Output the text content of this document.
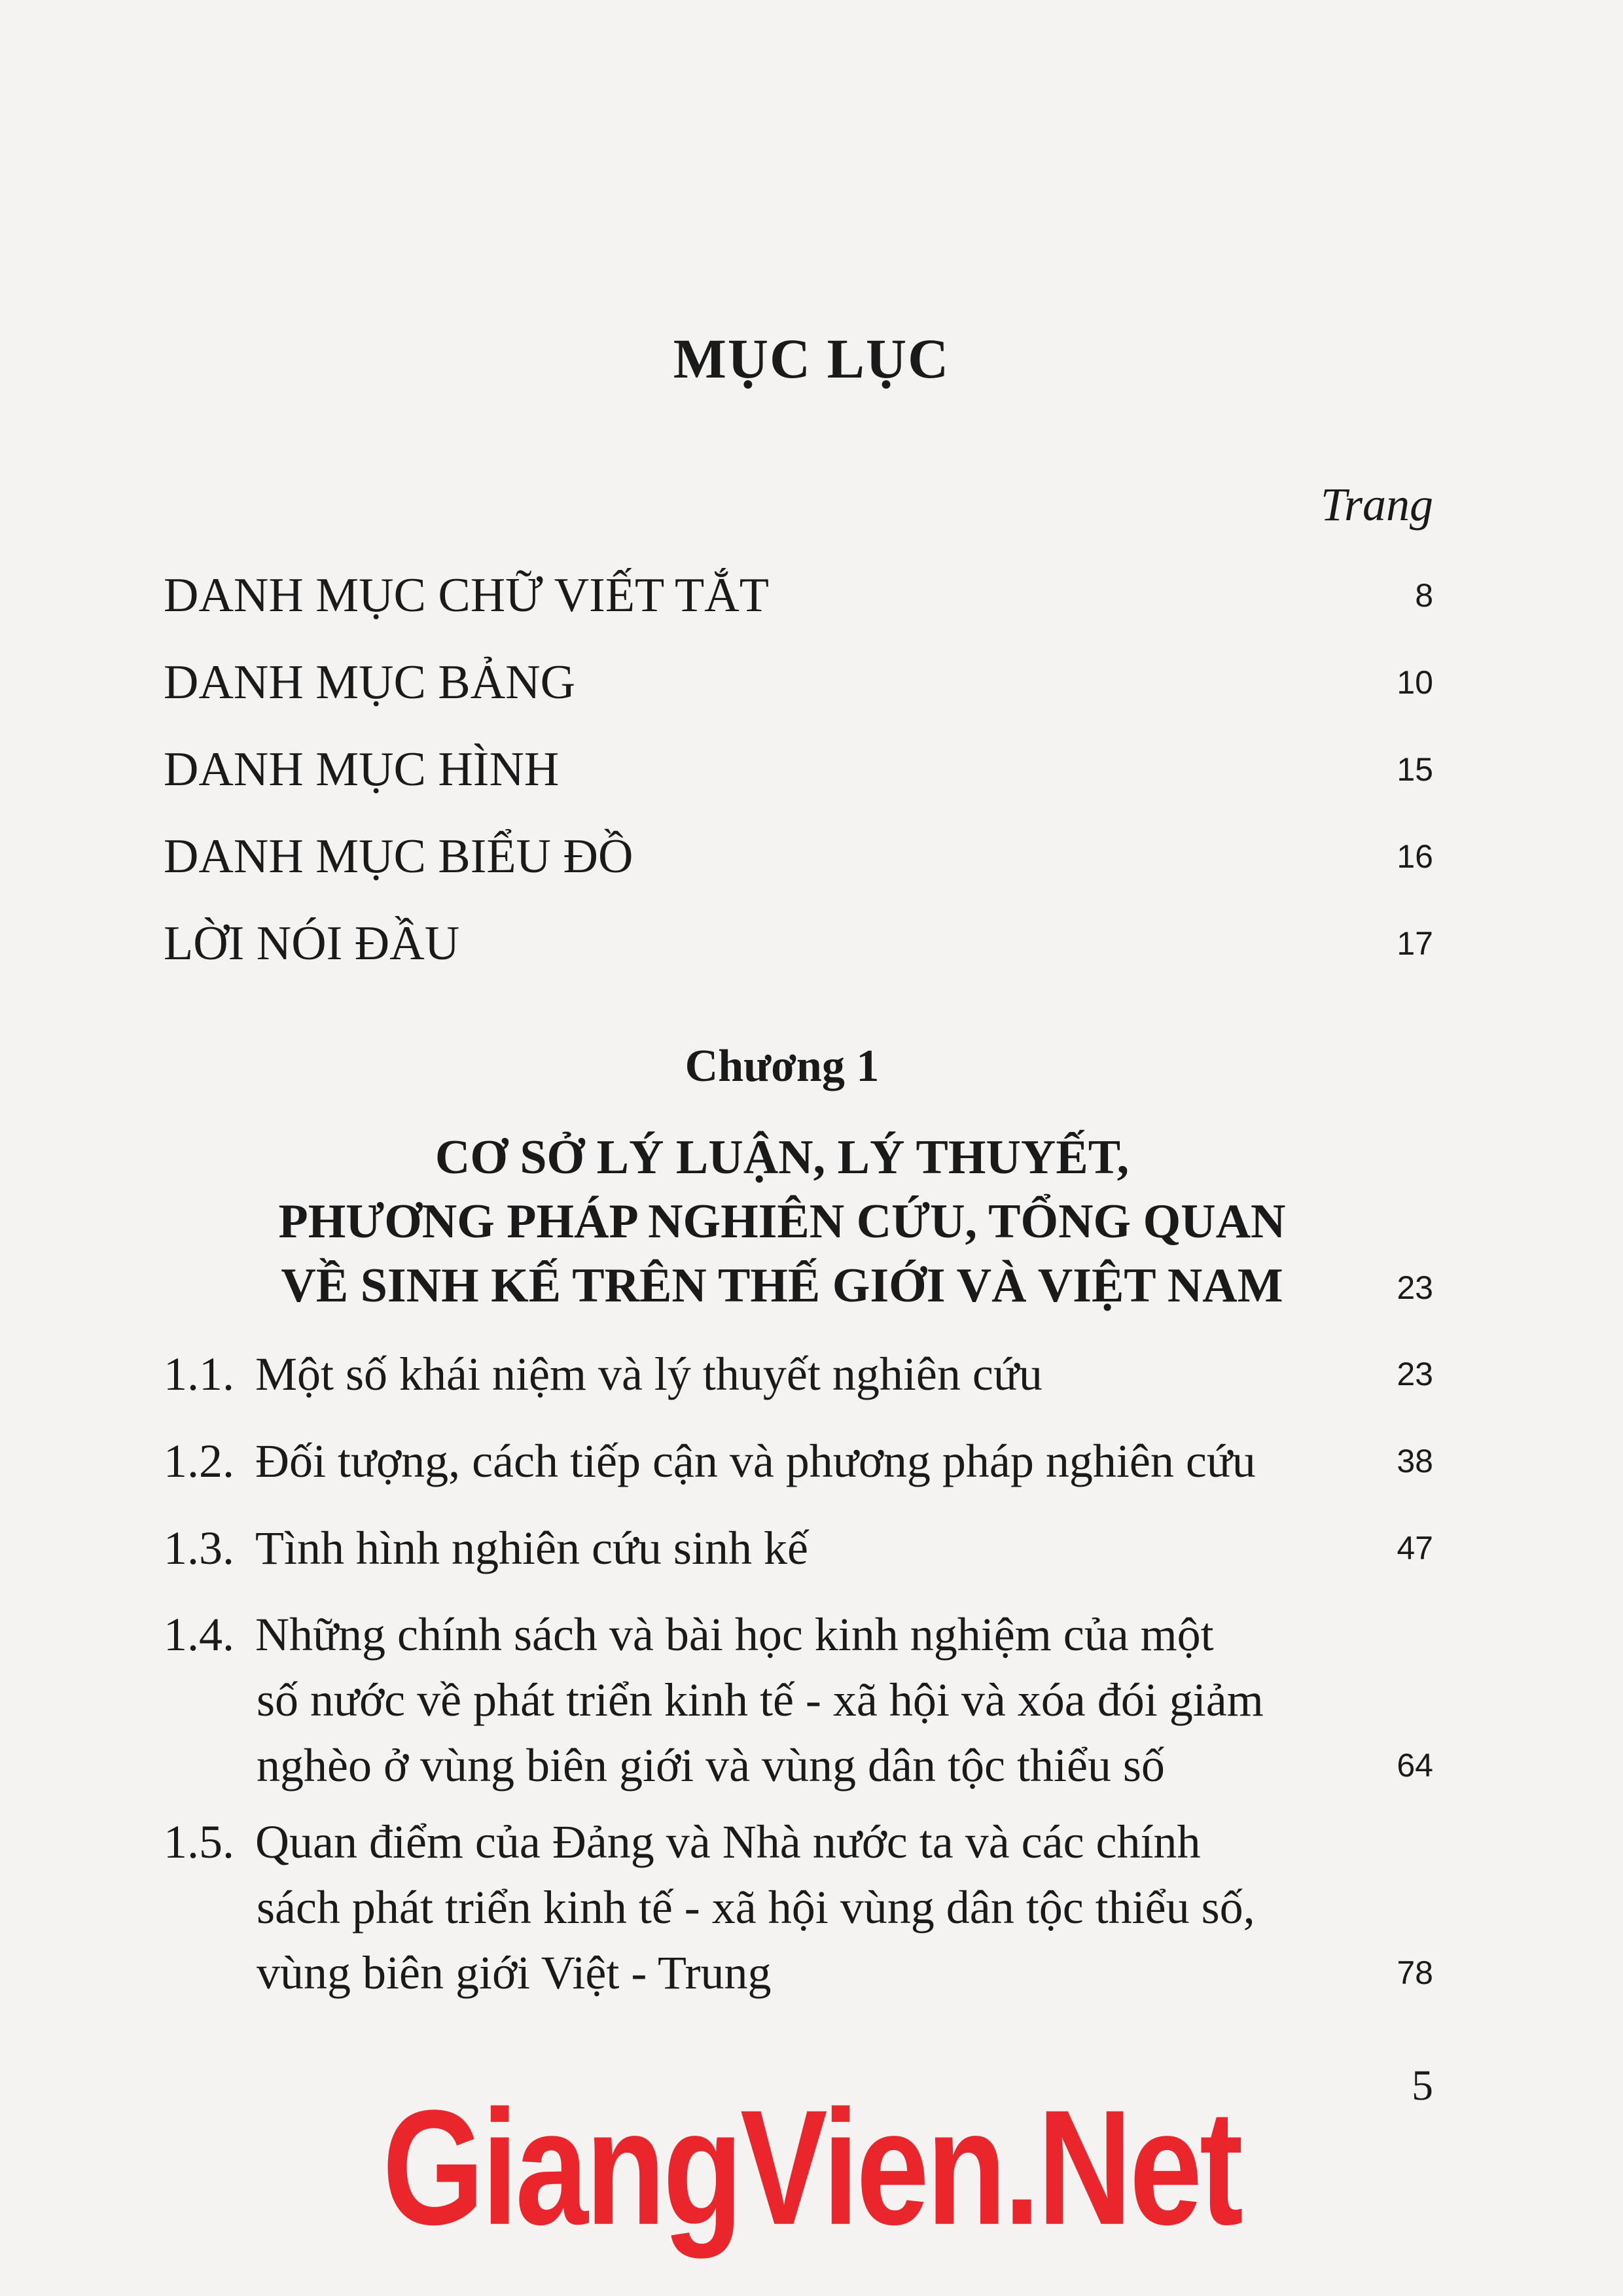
MỤC LỤC
Trang
DANH MỤC CHỮ VIẾT TẮT	8
DANH MỤC BẢNG	10
DANH MỤC HÌNH	15
DANH MỤC BIỂU ĐỒ	16
LỜI NÓI ĐẦU	17
Chương 1
CƠ SỞ LÝ LUẬN, LÝ THUYẾT,
PHƯƠNG PHÁP NGHIÊN CỨU, TỔNG QUAN
VỀ SINH KẾ TRÊN THẾ GIỚI VÀ VIỆT NAM	23
1.1. Một số khái niệm và lý thuyết nghiên cứu	23
1.2. Đối tượng, cách tiếp cận và phương pháp nghiên cứu	38
1.3. Tình hình nghiên cứu sinh kế	47
1.4. Những chính sách và bài học kinh nghiệm của một
số nước về phát triển kinh tế - xã hội và xóa đói giảm
nghèo ở vùng biên giới và vùng dân tộc thiểu số	64
1.5. Quan điểm của Đảng và Nhà nước ta và các chính
sách phát triển kinh tế - xã hội vùng dân tộc thiểu số,
vùng biên giới Việt - Trung	78
5
GiangVien.Net
